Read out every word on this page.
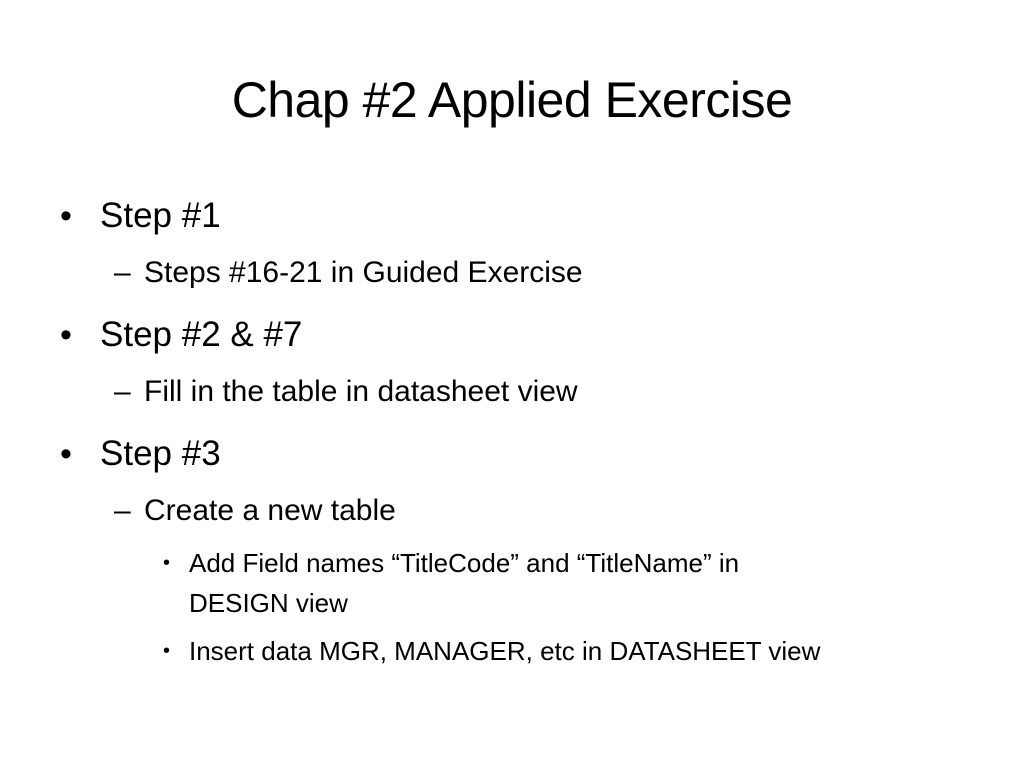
Chap #2 Applied Exercise
• Step #1
– Steps #16-21 in Guided Exercise
• Step #2 & #7
– Fill in the table in datasheet view
• Step #3
– Create a new table
• Add Field names “TitleCode” and “TitleName” in
DESIGN view
• Insert data MGR, MANAGER, etc in DATASHEET view
